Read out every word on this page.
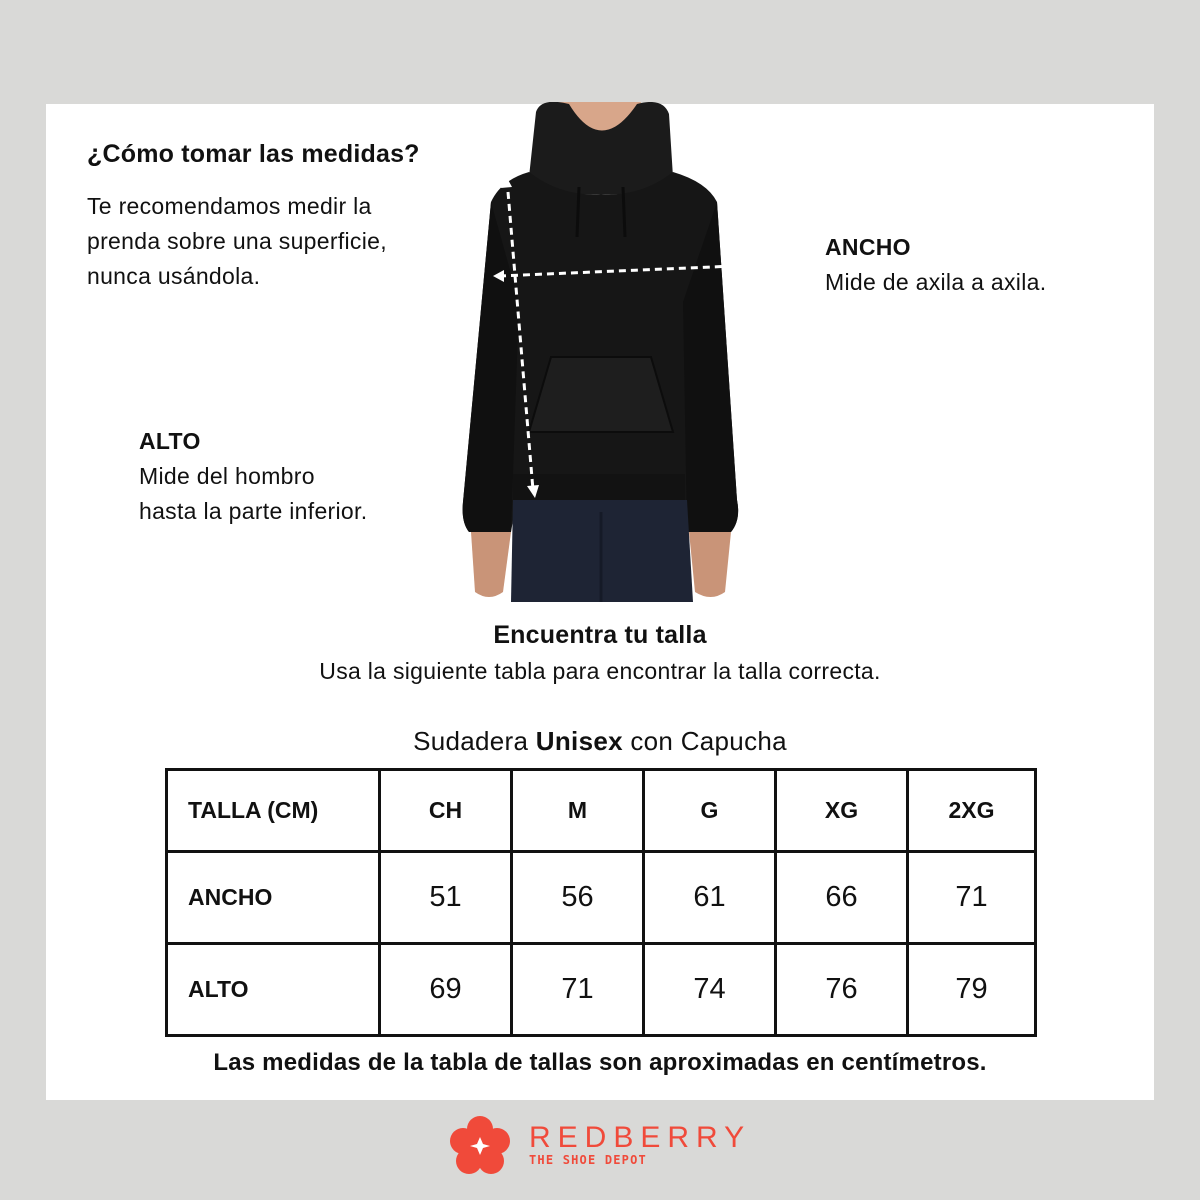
¿Cómo tomar las medidas?
Te recomendamos medir la
prenda sobre una superficie,
nunca usándola.
ANCHO
Mide de axila a axila.
ALTO
Mide del hombro
hasta la parte inferior.
Encuentra tu talla
Usa la siguiente tabla para encontrar la talla correcta.
Sudadera Unisex con Capucha
TALLA (CM)	CH	M	G	XG	2XG
ANCHO	51	56	61	66	71
ALTO	69	71	74	76	79
Las medidas de la tabla de tallas son aproximadas en centímetros.
REDBERRY
THE SHOE DEPOT
